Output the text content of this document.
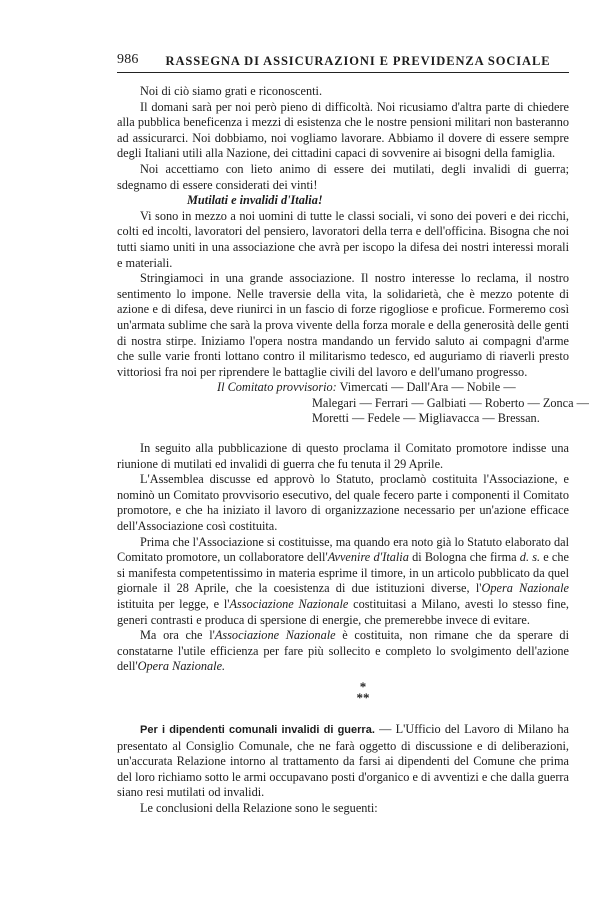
986	RASSEGNA DI ASSICURAZIONI E PREVIDENZA SOCIALE

Noi di ciò siamo grati e riconoscenti.

Il domani sarà per noi però pieno di difficoltà. Noi ricusiamo d'altra parte di chiedere alla pubblica beneficenza i mezzi di esistenza che le nostre pensioni militari non basteranno ad assicurarci. Noi dobbiamo, noi vogliamo lavorare. Abbiamo il dovere di essere sempre degli Italiani utili alla Nazione, dei cittadini capaci di sovvenire ai bisogni della famiglia.

Noi accettiamo con lieto animo di essere dei mutilati, degli invalidi di guerra; sdegnamo di essere considerati dei vinti!

Mutilati e invalidi d'Italia!

Vi sono in mezzo a noi uomini di tutte le classi sociali, vi sono dei poveri e dei ricchi, colti ed incolti, lavoratori del pensiero, lavoratori della terra e dell'officina. Bisogna che noi tutti siamo uniti in una associazione che avrà per iscopo la difesa dei nostri interessi morali e materiali.

Stringiamoci in una grande associazione. Il nostro interesse lo reclama, il nostro sentimento lo impone. Nelle traversie della vita, la solidarietà, che è mezzo potente di azione e di difesa, deve riunirci in un fascio di forze rigogliose e proficue. Formeremo così un'armata sublime che sarà la prova vivente della forza morale e della generosità delle genti di nostra stirpe. Iniziamo l'opera nostra mandando un fervido saluto ai compagni d'arme che sulle varie fronti lottano contro il militarismo tedesco, ed auguriamo di riaverli presto vittoriosi fra noi per riprendere le battaglie civili del lavoro e dell'umano progresso.

Il Comitato provvisorio: Vimercati — Dall'Ara — Nobile —
Malegari — Ferrari — Galbiati — Roberto — Zonca —
Moretti — Fedele — Migliavacca — Bressan.

In seguito alla pubblicazione di questo proclama il Comitato promotore indisse una riunione di mutilati ed invalidi di guerra che fu tenuta il 29 Aprile.

L'Assemblea discusse ed approvò lo Statuto, proclamò costituita l'Associazione, e nominò un Comitato provvisorio esecutivo, del quale fecero parte i componenti il Comitato promotore, e che ha iniziato il lavoro di organizzazione necessario per un'azione efficace dell'Associazione così costituita.

Prima che l'Associazione si costituisse, ma quando era noto già lo Statuto elaborato dal Comitato promotore, un collaboratore dell'Avvenire d'Italia di Bologna che firma d. s. e che si manifesta competentissimo in materia esprime il timore, in un articolo pubblicato da quel giornale il 28 Aprile, che la coesistenza di due istituzioni diverse, l'Opera Nazionale istituita per legge, e l'Associazione Nazionale costituitasi a Milano, avesti lo stesso fine, generi contrasti e produca di spersione di energie, che premerebbe invece di evitare.

Ma ora che l'Associazione Nazionale è costituita, non rimane che da sperare di constatarne l'utile efficienza per fare più sollecito e completo lo svolgimento dell'azione dell'Opera Nazionale.

*
**

Per i dipendenti comunali invalidi di guerra. — L'Ufficio del Lavoro di Milano ha presentato al Consiglio Comunale, che ne farà oggetto di discussione e di deliberazioni, un'accurata Relazione intorno al trattamento da farsi ai dipendenti del Comune che prima del loro richiamo sotto le armi occupavano posti d'organico e di avventizi e che dalla guerra siano resi mutilati od invalidi.

Le conclusioni della Relazione sono le seguenti:
